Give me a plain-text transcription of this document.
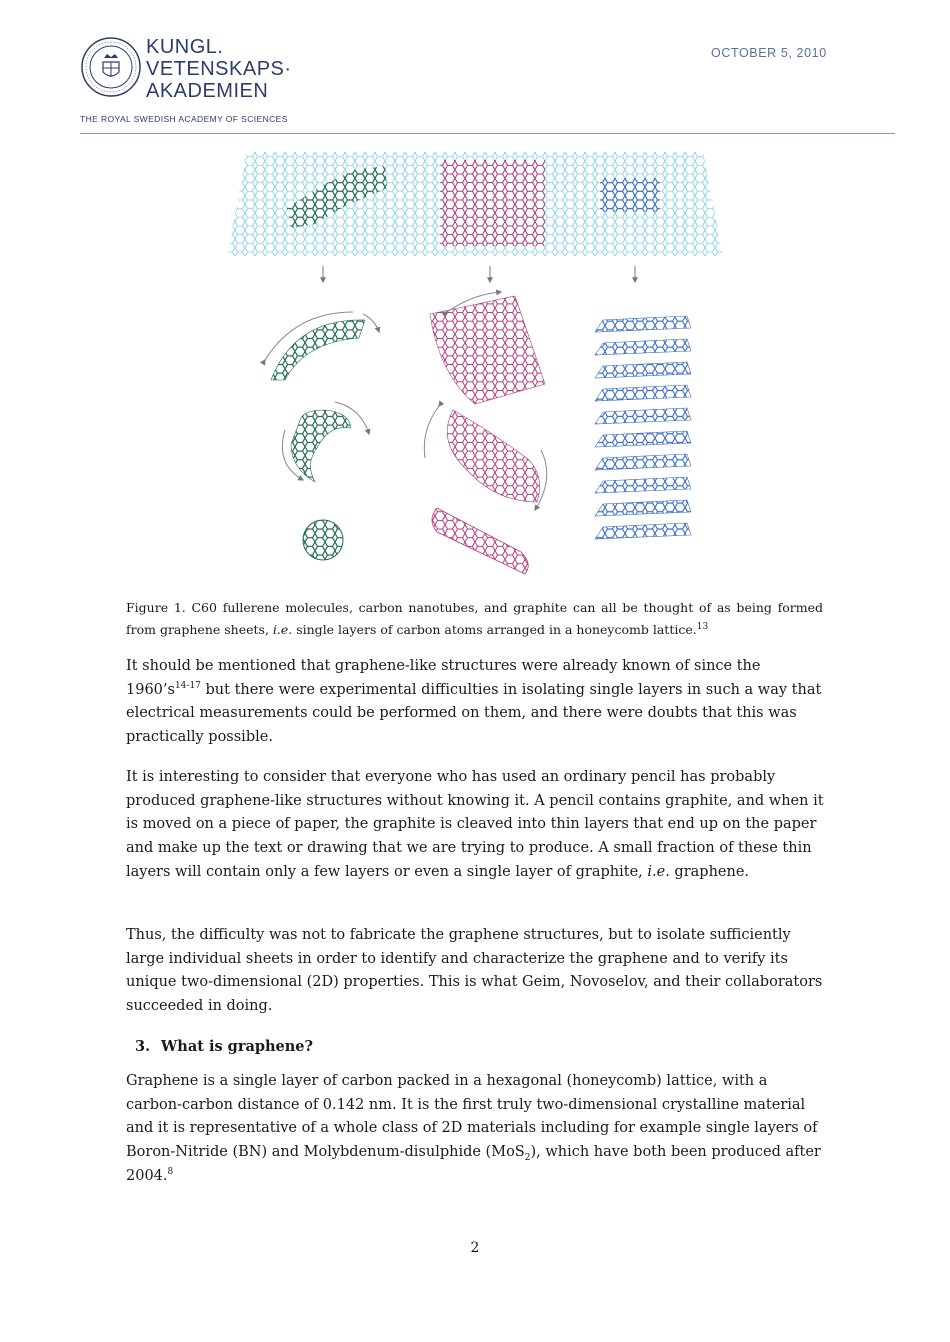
KUNGL.
VETENSKAPS·
AKADEMIEN
THE ROYAL SWEDISH ACADEMY OF SCIENCES
OCTOBER 5, 2010
Figure 1. C60 fullerene molecules, carbon nanotubes, and graphite can all be thought of as being formed from graphene sheets, i.e. single layers of carbon atoms arranged in a honeycomb lattice.$^{13}$
It should be mentioned that graphene-like structures were already known of since the $1960’s^{14-17}$ but there were experimental difficulties in isolating single layers in such a way that electrical measurements could be performed on them, and there were doubts that this was practically possible.
It is interesting to consider that everyone who has used an ordinary pencil has probably produced graphene-like structures without knowing it. A pencil contains graphite, and when it is moved on a piece of paper, the graphite is cleaved into thin layers that end up on the paper and make up the text or drawing that we are trying to produce. A small fraction of these thin layers will contain only a few layers or even a single layer of graphite, i.e. graphene.
Thus, the difficulty was not to fabricate the graphene structures, but to isolate sufficiently large individual sheets in order to identify and characterize the graphene and to verify its unique two-dimensional (2D) properties. This is what Geim, Novoselov, and their collaborators succeeded in doing.
3. What is graphene?
Graphene is a single layer of carbon packed in a hexagonal (honeycomb) lattice, with a carbon-carbon distance of 0.142 nm. It is the first truly two-dimensional crystalline material and it is representative of a whole class of 2D materials including for example single layers of Boron-Nitride (BN) and Molybdenum-disulphide (MoS$_2$), which have both been produced after 2004.$^8$
2
